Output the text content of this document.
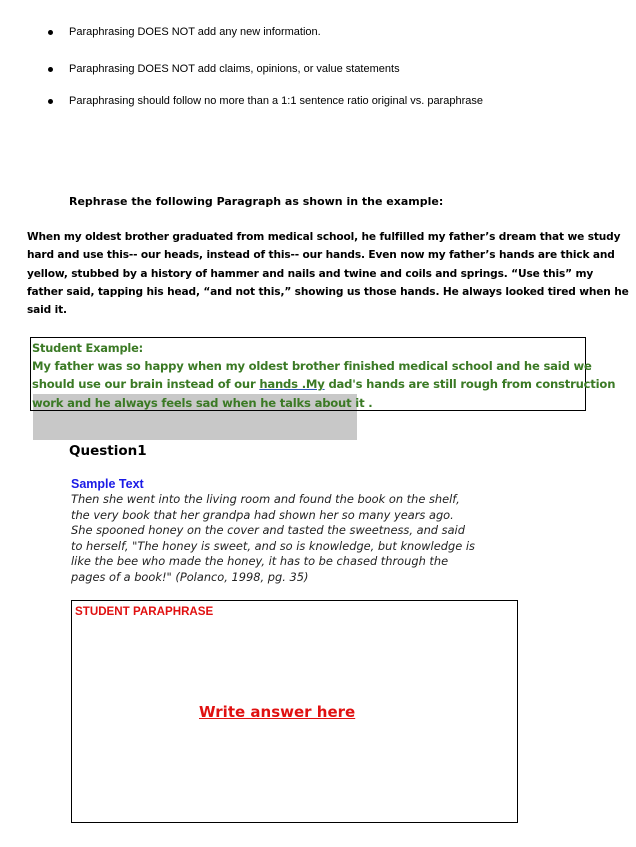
Paraphrasing DOES NOT add any new information.
Paraphrasing DOES NOT add claims, opinions, or value statements
Paraphrasing should follow no more than a 1:1 sentence ratio original vs. paraphrase
Rephrase the following Paragraph as shown in the example:
When my oldest brother graduated from medical school, he fulfilled my father’s dream that we study
hard and use this-- our heads, instead of this-- our hands. Even now my father’s hands are thick and
yellow, stubbed by a history of hammer and nails and twine and coils and springs. “Use this” my
father said, tapping his head, “and not this,” showing us those hands. He always looked tired when he
said it.
Student Example:
My father was so happy when my oldest brother finished medical school and he said we
should use our brain instead of our hands .My dad's hands are still rough from construction
work and he always feels sad when he talks about it .
Question1
Sample Text
Then she went into the living room and found the book on the shelf,
the very book that her grandpa had shown her so many years ago.
She spooned honey on the cover and tasted the sweetness, and said
to herself, "The honey is sweet, and so is knowledge, but knowledge is
like the bee who made the honey, it has to be chased through the
pages of a book!" (Polanco, 1998, pg. 35)
STUDENT PARAPHRASE
Write answer here
